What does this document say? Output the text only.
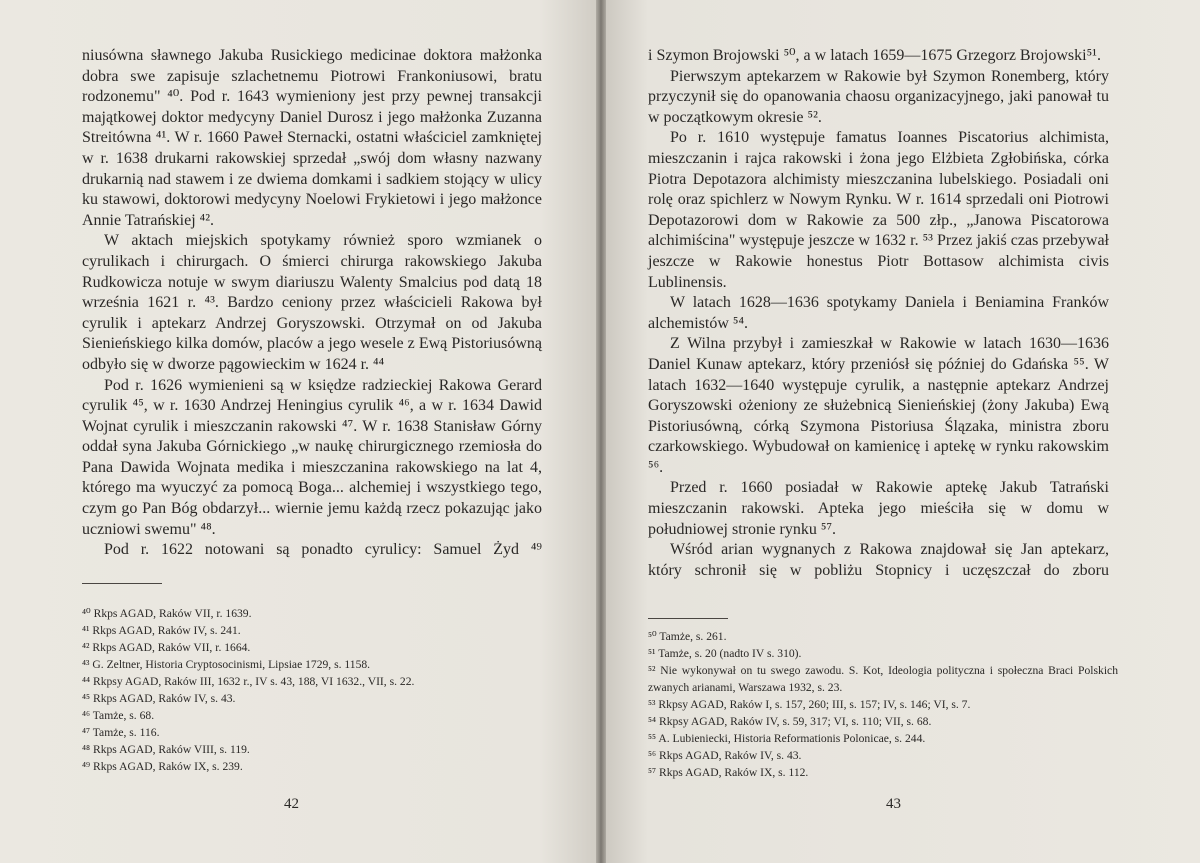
niusówna sławnego Jakuba Rusickiego medicinae doktora małżonka dobra swe zapisuje szlachetnemu Piotrowi Frankoniusowi, bratu rodzonemu" ⁴⁰. Pod r. 1643 wymieniony jest przy pewnej transakcji majątkowej doktor medycyny Daniel Durosz i jego małżonka Zuzanna Streitówna ⁴¹. W r. 1660 Paweł Sternacki, ostatni właściciel zamkniętej w r. 1638 drukarni rakowskiej sprzedał „swój dom własny nazwany drukarnią nad stawem i ze dwiema domkami i sadkiem stojący w ulicy ku stawowi, doktorowi medycyny Noelowi Frykietowi i jego małżonce Annie Tatrańskiej ⁴².

W aktach miejskich spotykamy również sporo wzmianek o cyrulikach i chirurgach. O śmierci chirurga rakowskiego Jakuba Rudkowicza notuje w swym diariuszu Walenty Smalcius pod datą 18 września 1621 r. ⁴³. Bardzo ceniony przez właścicieli Rakowa był cyrulik i aptekarz Andrzej Goryszowski. Otrzymał on od Jakuba Sienieńskiego kilka domów, placów a jego wesele z Ewą Pistoriusówną odbyło się w dworze pągowieckim w 1624 r. ⁴⁴

Pod r. 1626 wymienieni są w księdze radzieckiej Rakowa Gerard cyrulik ⁴⁵, w r. 1630 Andrzej Heningius cyrulik ⁴⁶, a w r. 1634 Dawid Wojnat cyrulik i mieszczanin rakowski ⁴⁷. W r. 1638 Stanisław Górny oddał syna Jakuba Górnickiego „w naukę chirurgicznego rzemiosła do Pana Dawida Wojnata medika i mieszczanina rakowskiego na lat 4, którego ma wyuczyć za pomocą Boga... alchemiej i wszystkiego tego, czym go Pan Bóg obdarzył... wiernie jemu każdą rzecz pokazując jako uczniowi swemu" ⁴⁸.

Pod r. 1622 notowani są ponadto cyrulicy: Samuel Żyd ⁴⁹

⁴⁰ Rkps AGAD, Raków VII, r. 1639.
⁴¹ Rkps AGAD, Raków IV, s. 241.
⁴² Rkps AGAD, Raków VII, r. 1664.
⁴³ G. Zeltner, Historia Cryptosocinismi, Lipsiae 1729, s. 1158.
⁴⁴ Rkpsy AGAD, Raków III, 1632 r., IV s. 43, 188, VI 1632., VII, s. 22.
⁴⁵ Rkps AGAD, Raków IV, s. 43.
⁴⁶ Tamże, s. 68.
⁴⁷ Tamże, s. 116.
⁴⁸ Rkps AGAD, Raków VIII, s. 119.
⁴⁹ Rkps AGAD, Raków IX, s. 239.
42

i Szymon Brojowski ⁵⁰, a w latach 1659—1675 Grzegorz Brojowski⁵¹.

Pierwszym aptekarzem w Rakowie był Szymon Ronemberg, który przyczynił się do opanowania chaosu organizacyjnego, jaki panował tu w początkowym okresie ⁵².

Po r. 1610 występuje famatus Ioannes Piscatorius alchimista, mieszczanin i rajca rakowski i żona jego Elżbieta Zgłobińska, córka Piotra Depotazora alchimisty mieszczanina lubelskiego. Posiadali oni rolę oraz spichlerz w Nowym Rynku. W r. 1614 sprzedali oni Piotrowi Depotazorowi dom w Rakowie za 500 złp., „Janowa Piscatorowa alchimiścina" występuje jeszcze w 1632 r. ⁵³ Przez jakiś czas przebywał jeszcze w Rakowie honestus Piotr Bottasow alchimista civis Lublinensis.

W latach 1628—1636 spotykamy Daniela i Beniamina Franków alchemistów ⁵⁴.

Z Wilna przybył i zamieszkał w Rakowie w latach 1630—1636 Daniel Kunaw aptekarz, który przeniósł się później do Gdańska ⁵⁵. W latach 1632—1640 występuje cyrulik, a następnie aptekarz Andrzej Goryszowski ożeniony ze służebnicą Sienieńskiej (żony Jakuba) Ewą Pistoriusówną, córką Szymona Pistoriusa Ślązaka, ministra zboru czarkowskiego. Wybudował on kamienicę i aptekę w rynku rakowskim ⁵⁶.

Przed r. 1660 posiadał w Rakowie aptekę Jakub Tatrański mieszczanin rakowski. Apteka jego mieściła się w domu w południowej stronie rynku ⁵⁷.

Wśród arian wygnanych z Rakowa znajdował się Jan aptekarz, który schronił się w pobliżu Stopnicy i uczęszczał do zboru

⁵⁰ Tamże, s. 261.
⁵¹ Tamże, s. 20 (nadto IV s. 310).
⁵² Nie wykonywał on tu swego zawodu. S. Kot, Ideologia polityczna i społeczna Braci Polskich zwanych arianami, Warszawa 1932, s. 23.
⁵³ Rkpsy AGAD, Raków I, s. 157, 260; III, s. 157; IV, s. 146; VI, s. 7.
⁵⁴ Rkpsy AGAD, Raków IV, s. 59, 317; VI, s. 110; VII, s. 68.
⁵⁵ A. Lubieniecki, Historia Reformationis Polonicae, s. 244.
⁵⁶ Rkps AGAD, Raków IV, s. 43.
⁵⁷ Rkps AGAD, Raków IX, s. 112.
43
